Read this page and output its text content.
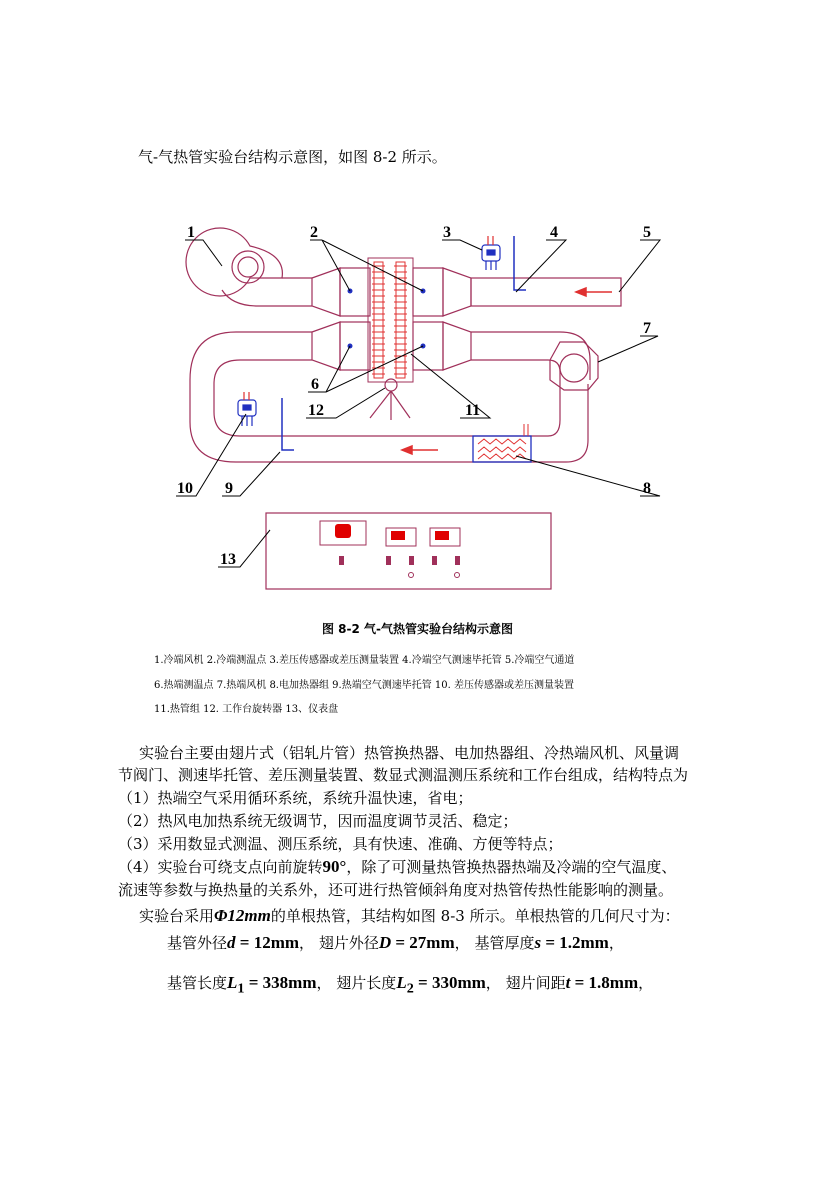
气-气热管实验台结构示意图，如图 8-2 所示。
1	2	3	4	5
6
7
8
9
10
11
12
13
图 8-2 气-气热管实验台结构示意图
1.冷端风机 2.冷端测温点 3.差压传感器或差压测量装置 4.冷端空气测速毕托管 5.冷端空气通道
6.热端测温点 7.热端风机 8.电加热器组 9.热端空气测速毕托管 10. 差压传感器或差压测量装置
11.热管组 12. 工作台旋转器 13、仪表盘
实验台主要由翅片式（铝轧片管）热管换热器、电加热器组、冷热端风机、风量调
节阀门、测速毕托管、差压测量装置、数显式测温测压系统和工作台组成，结构特点为
（1）热端空气采用循环系统，系统升温快速，省电；
（2）热风电加热系统无级调节，因而温度调节灵活、稳定；
（3）采用数显式测温、测压系统，具有快速、准确、方便等特点；
（4）实验台可绕支点向前旋转90°，除了可测量热管换热器热端及冷端的空气温度、
流速等参数与换热量的关系外，还可进行热管倾斜角度对热管传热性能影响的测量。
实验台采用Φ12mm的单根热管，其结构如图 8-3 所示。单根热管的几何尺寸为：
基管外径d = 12mm， 翅片外径D = 27mm， 基管厚度s = 1.2mm，
基管长度$L_1 = 338mm$， 翅片长度$L_2 = 330mm$， 翅片间距t = 1.8mm，
